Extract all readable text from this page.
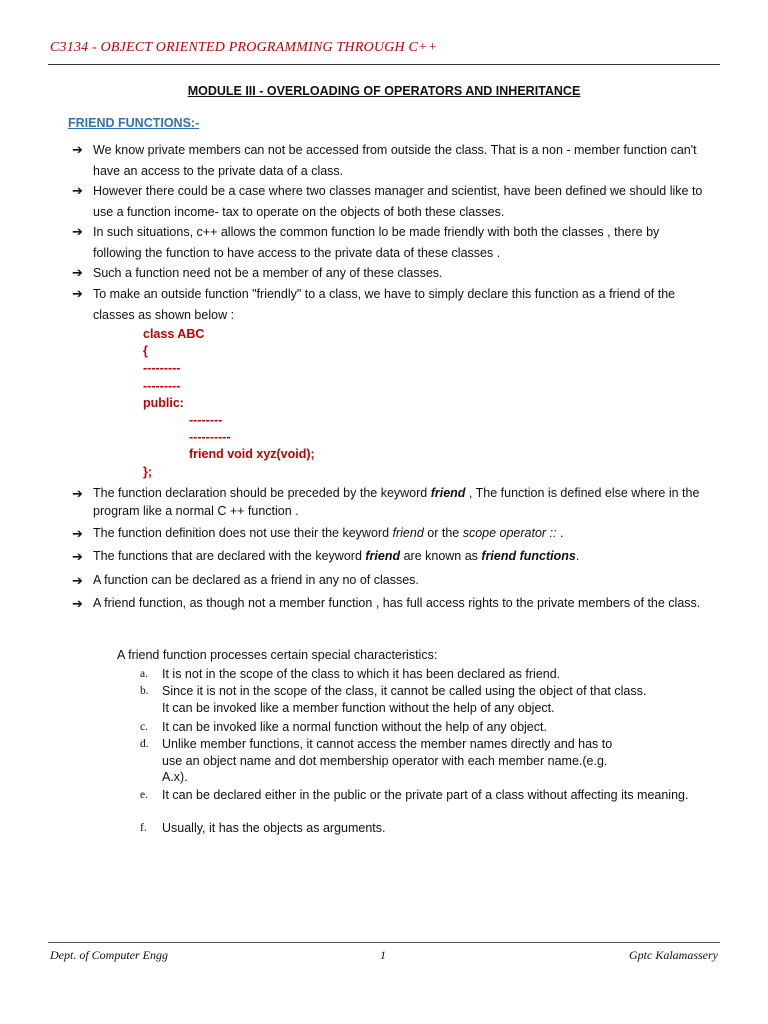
C3134 - OBJECT ORIENTED PROGRAMMING THROUGH C++
MODULE III - OVERLOADING OF OPERATORS AND INHERITANCE
FRIEND FUNCTIONS:-
➔ We know private members can not be accessed from outside the class. That is a non - member function can't have an access to the private data of a class.
➔ However there could be a case where two classes manager and scientist, have been defined we should like to use a function income- tax to operate on the objects of both these classes.
➔ In such situations, c++ allows the common function lo be made friendly with both the classes , there by following the function to have access to the private data of these classes .
➔ Such a function need not be a member of any of these classes.
➔ To make an outside function "friendly" to a class, we have to simply declare this function as a friend of the classes as shown below :
class ABC
{
---------
---------
public:
--------
----------
friend void xyz(void);
};
➔ The function declaration should be preceded by the keyword friend , The function is defined else where in the program like a normal C ++ function .
➔ The function definition does not use their the keyword friend or the scope operator :: .
➔ The functions that are declared with the keyword friend are known as friend functions.
➔ A function can be declared as a friend in any no of classes.
➔ A friend function, as though not a member function , has full access rights to the private members of the class.
A friend function processes certain special characteristics:
a. It is not in the scope of the class to which it has been declared as friend.
b. Since it is not in the scope of the class, it cannot be called using the object of that class.
It can be invoked like a member function without the help of any object.
c. It can be invoked like a normal function without the help of any object.
d. Unlike member functions, it cannot access the member names directly and has to
use an object name and dot membership operator with each member name.(e.g.
A.x).
e. It can be declared either in the public or the private part of a class without affecting its meaning.
f. Usually, it has the objects as arguments.
Dept. of Computer Engg	1	Gptc Kalamassery
